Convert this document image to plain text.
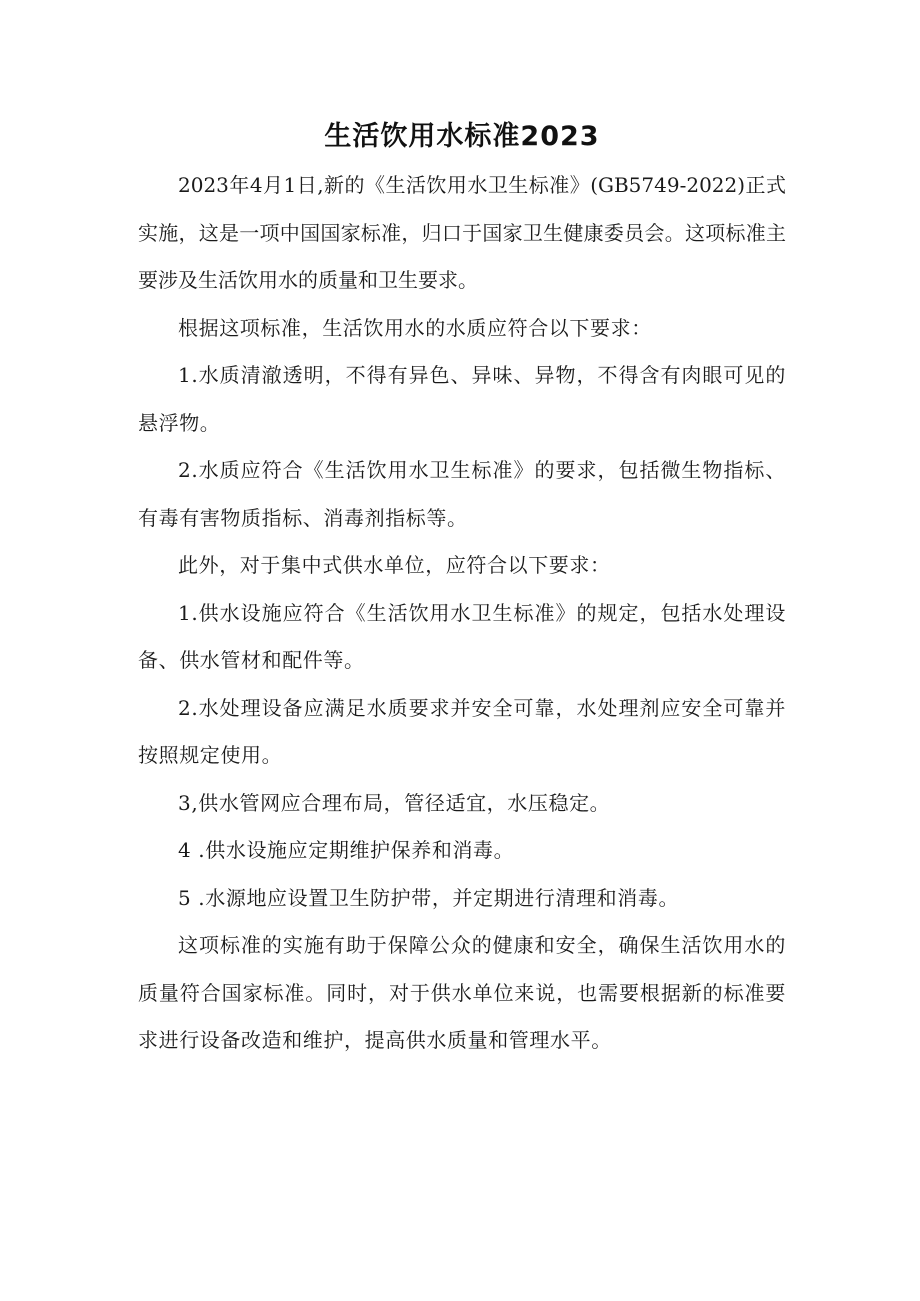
生活饮用水标准2023

2023年4月1日,新的《生活饮用水卫生标准》(GB5749-2022)正式实施，这是一项中国国家标准，归口于国家卫生健康委员会。这项标准主要涉及生活饮用水的质量和卫生要求。

根据这项标准，生活饮用水的水质应符合以下要求：

1.水质清澈透明，不得有异色、异味、异物，不得含有肉眼可见的悬浮物。

2.水质应符合《生活饮用水卫生标准》的要求，包括微生物指标、有毒有害物质指标、消毒剂指标等。

此外，对于集中式供水单位，应符合以下要求：

1.供水设施应符合《生活饮用水卫生标准》的规定，包括水处理设备、供水管材和配件等。

2.水处理设备应满足水质要求并安全可靠，水处理剂应安全可靠并按照规定使用。

3,供水管网应合理布局，管径适宜，水压稳定。

4 .供水设施应定期维护保养和消毒。

5 .水源地应设置卫生防护带，并定期进行清理和消毒。

这项标准的实施有助于保障公众的健康和安全，确保生活饮用水的质量符合国家标准。同时，对于供水单位来说，也需要根据新的标准要求进行设备改造和维护，提高供水质量和管理水平。
